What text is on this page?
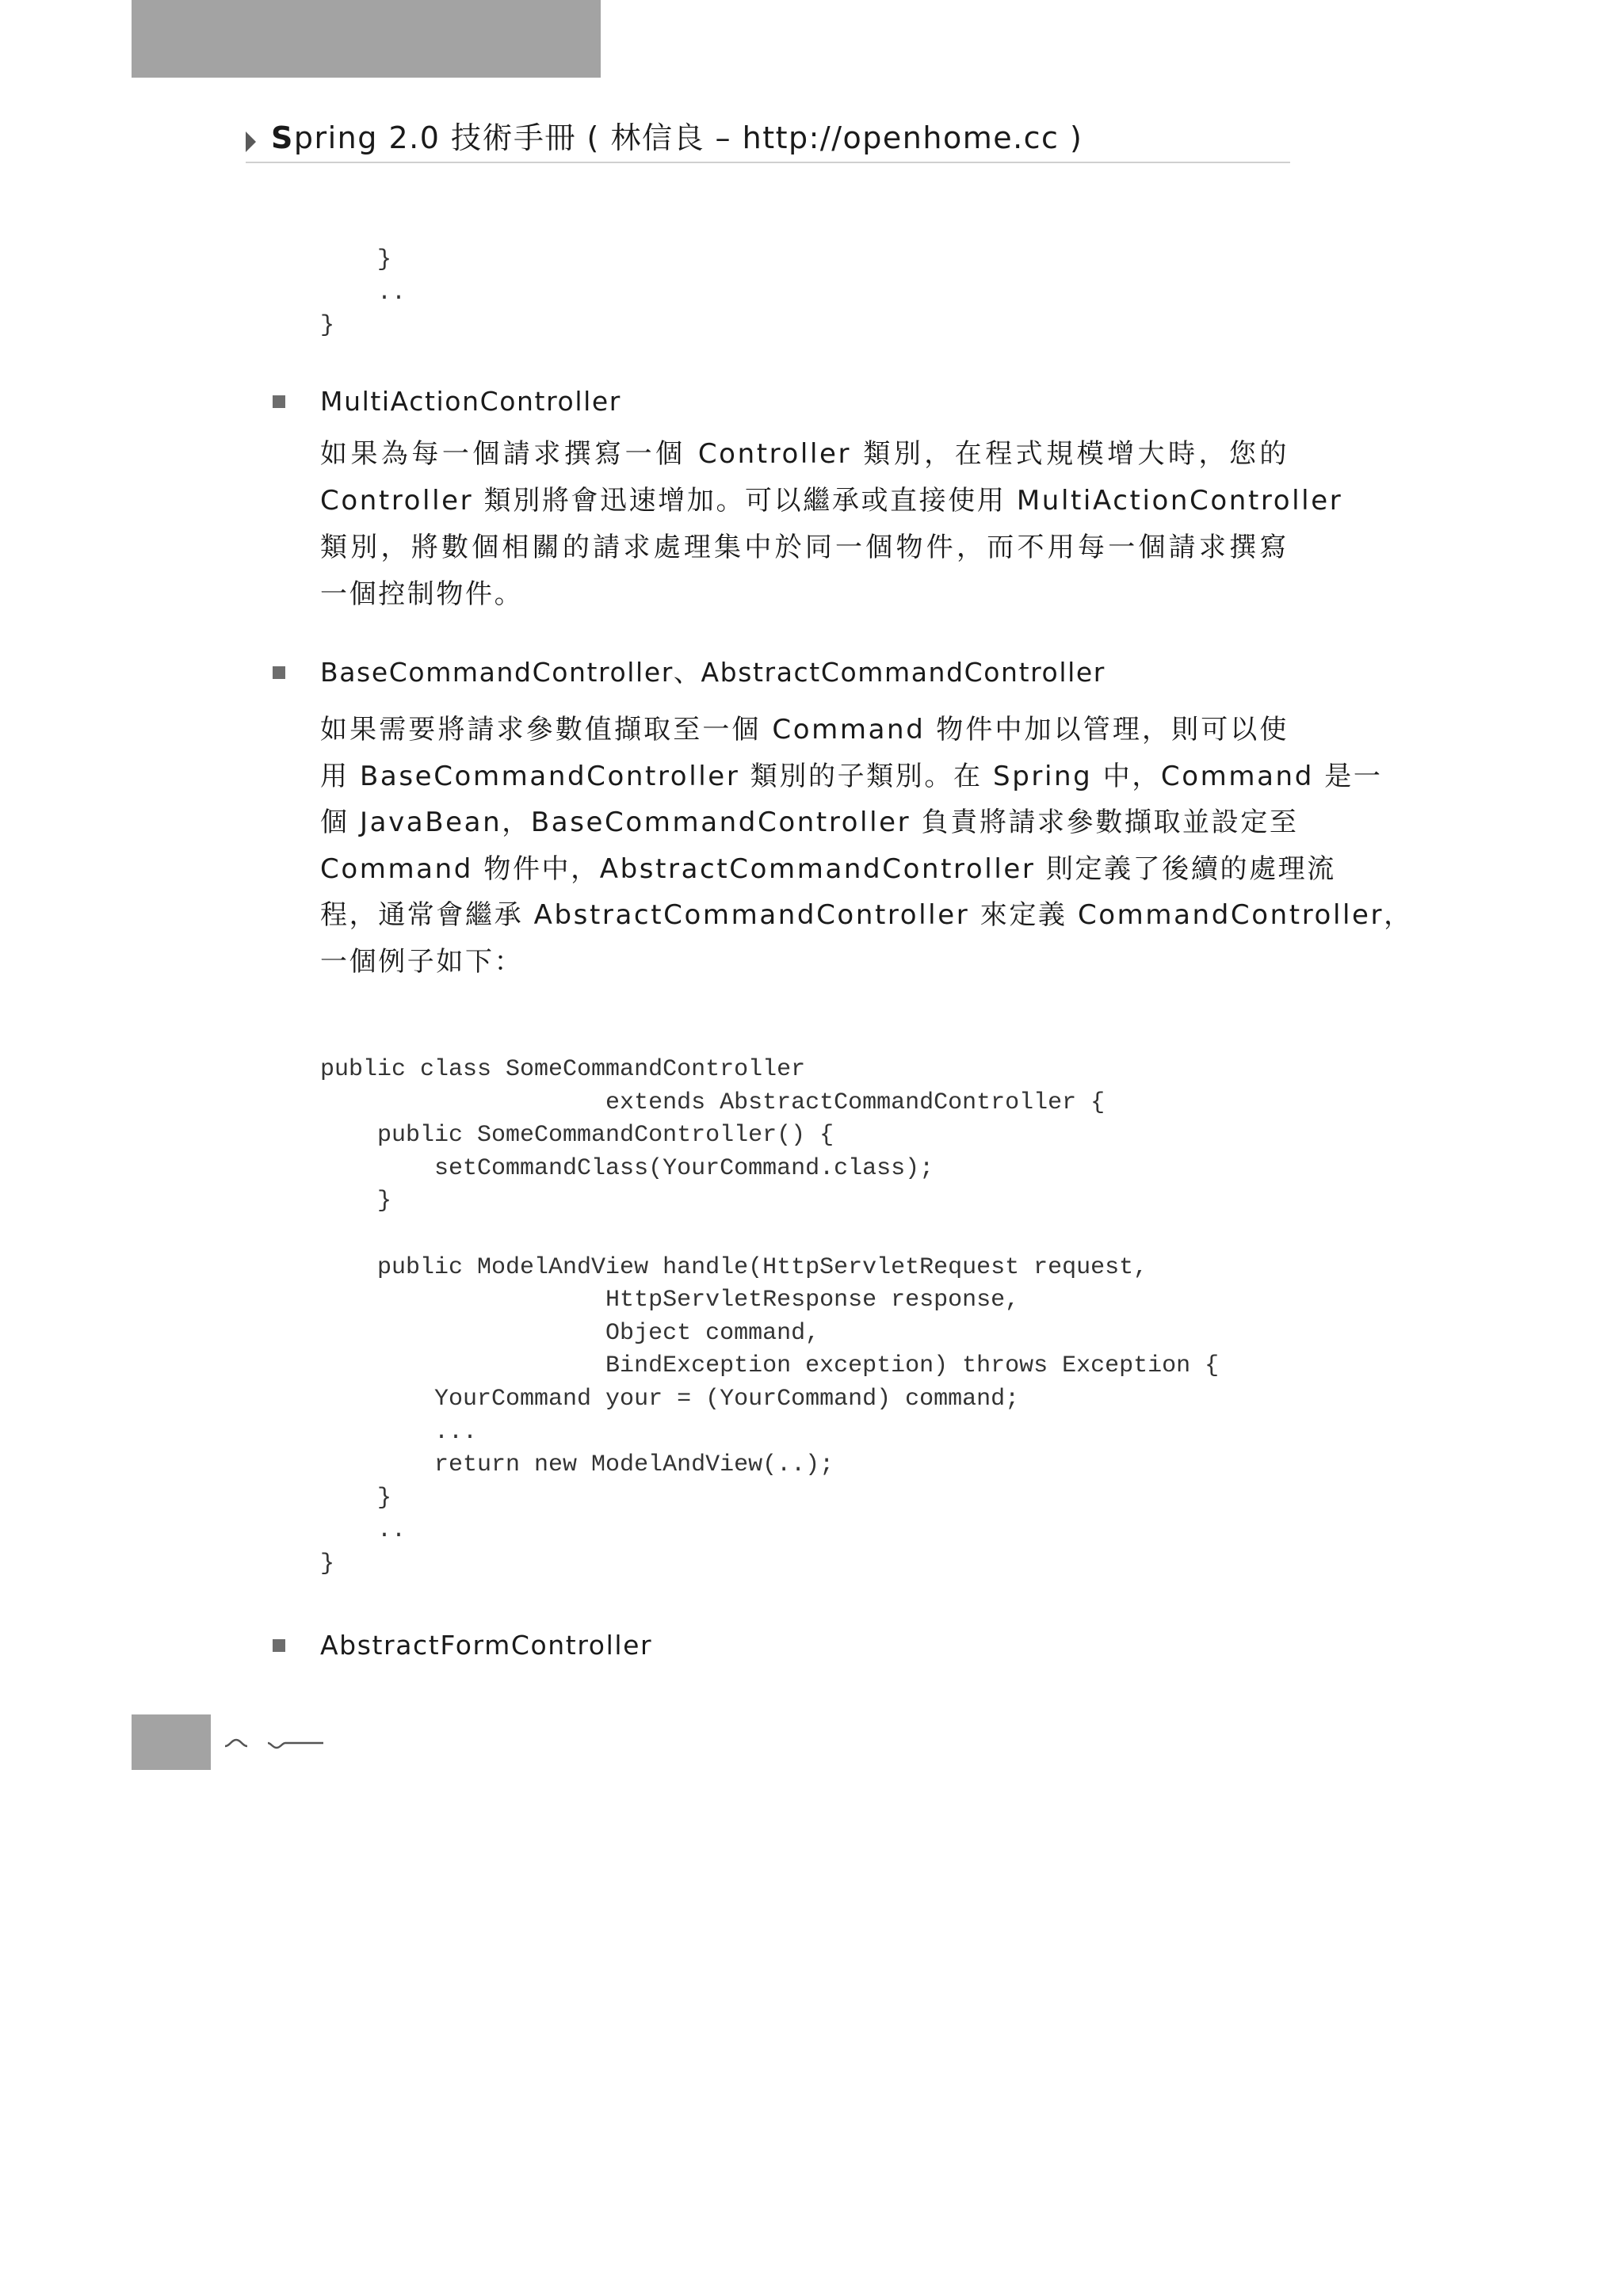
Spring 2.0 技術手冊 ( 林信良 – http://openhome.cc )
}
..
}
MultiActionController
如果為每一個請求撰寫一個 Controller 類別，在程式規模增大時，您的
Controller 類別將會迅速增加。可以繼承或直接使用 MultiActionController
類別，將數個相關的請求處理集中於同一個物件，而不用每一個請求撰寫
一個控制物件。
BaseCommandController、AbstractCommandController
如果需要將請求參數值擷取至一個 Command 物件中加以管理，則可以使
用 BaseCommandController 類別的子類別。在 Spring 中，Command 是一
個 JavaBean，BaseCommandController 負責將請求參數擷取並設定至
Command 物件中，AbstractCommandController 則定義了後續的處理流
程，通常會繼承 AbstractCommandController 來定義 CommandController，
一個例子如下：
public class SomeCommandController
extends AbstractCommandController {
public SomeCommandController() {
setCommandClass(YourCommand.class);
}

public ModelAndView handle(HttpServletRequest request,
HttpServletResponse response,
Object command,
BindException exception) throws Exception {
YourCommand your = (YourCommand) command;
...
return new ModelAndView(..);
}
..
}
AbstractFormController
